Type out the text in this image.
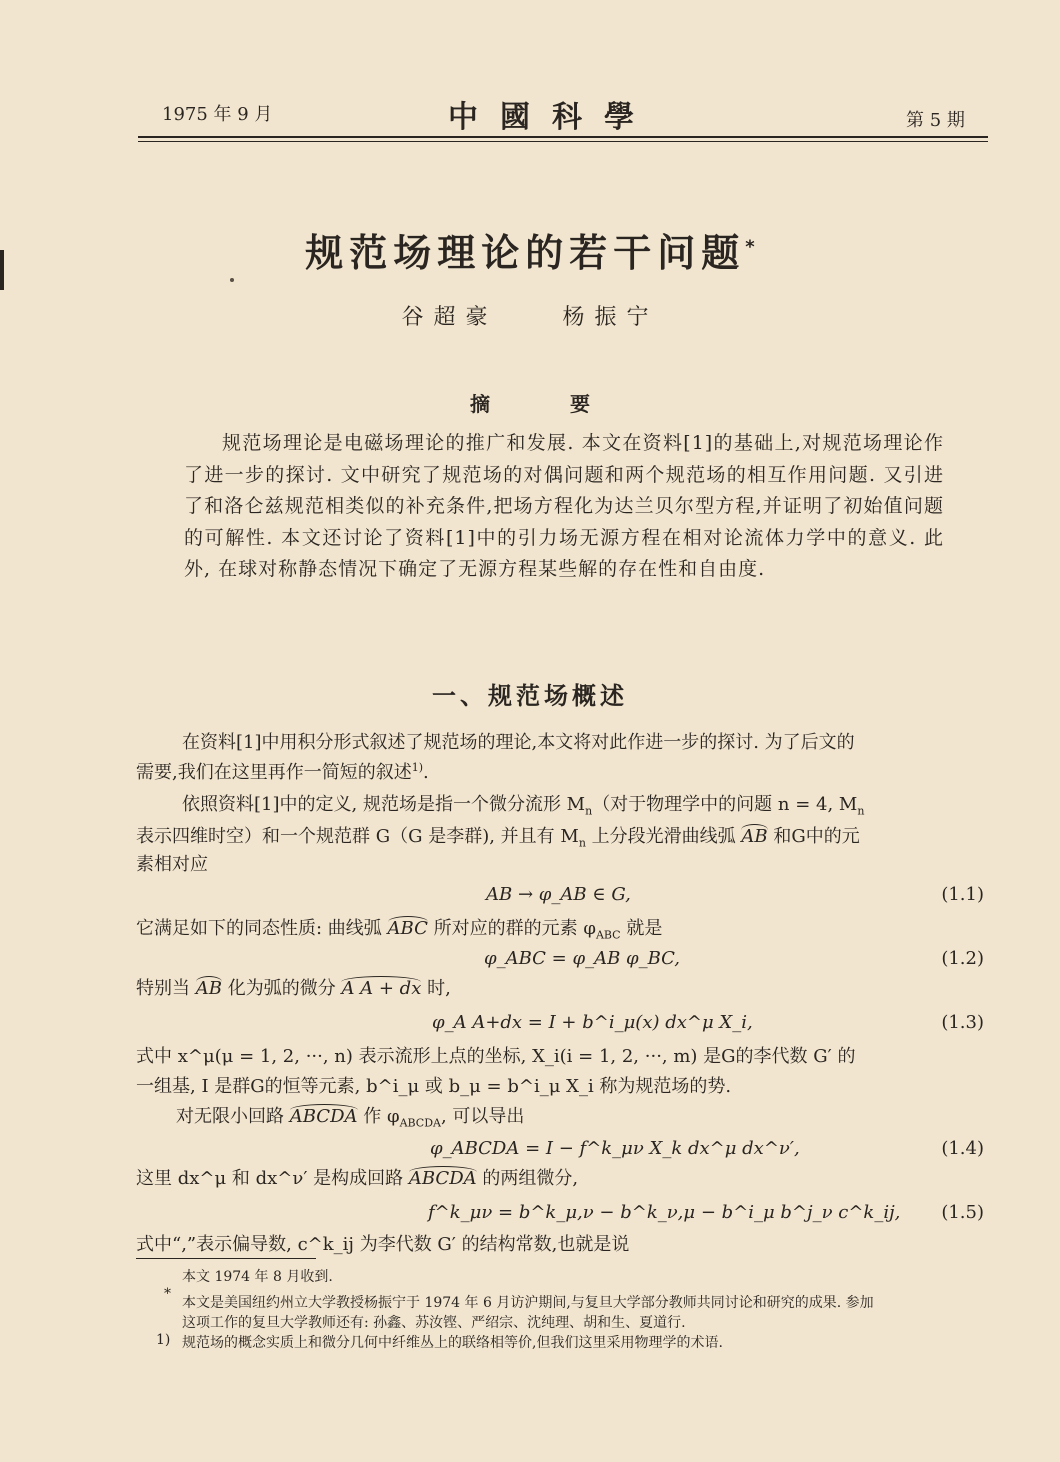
1975 年 9 月	中國科學	第 5 期
规范场理论的若干问题*
谷超豪	杨振宁
摘要
规范场理论是电磁场理论的推广和发展. 本文在资料[1]的基础上,对规范场理论作了进一步的探讨. 文中研究了规范场的对偶问题和两个规范场的相互作用问题. 又引进了和洛仑兹规范相类似的补充条件,把场方程化为达兰贝尔型方程,并证明了初始值问题的可解性. 本文还讨论了资料[1]中的引力场无源方程在相对论流体力学中的意义. 此外, 在球对称静态情况下确定了无源方程某些解的存在性和自由度.
一、规范场概述
在资料[1]中用积分形式叙述了规范场的理论,本文将对此作进一步的探讨. 为了后文的
需要,我们在这里再作一简短的叙述$^{1)}$.
依照资料[1]中的定义, 规范场是指一个微分流形 $M_n$（对于物理学中的问题 n = 4, $M_n$
表示四维时空）和一个规范群 G（G 是李群), 并且有 $M_n$ 上分段光滑曲线弧 AB 和G中的元
素相对应
AB → φ_AB ∈ G,	(1.1)
它满足如下的同态性质: 曲线弧 ABC 所对应的群的元素 $\varphi_{ABC}$ 就是
φ_ABC = φ_AB φ_BC,	(1.2)
特别当 AB 化为弧的微分 A A + dx 时,
φ_A A+dx = I + b^i_μ(x) dx^μ X_i,	(1.3)
式中 x^μ(μ = 1, 2, ···, n) 表示流形上点的坐标, X_i(i = 1, 2, ···, m) 是G的李代数 G′ 的
一组基, I 是群G的恒等元素, b^i_μ 或 b_μ = b^i_μ X_i 称为规范场的势.
对无限小回路 ABCDA 作 $\varphi_{ABCDA}$, 可以导出
φ_ABCDA = I − f^k_μν X_k dx^μ dx^ν′,	(1.4)
这里 dx^μ 和 dx^ν′ 是构成回路 ABCDA 的两组微分,
f^k_μν = b^k_μ,ν − b^k_ν,μ − b^i_μ b^j_ν c^k_ij, (1.5)
式中“,”表示偏导数, c^k_ij 为李代数 G′ 的结构常数,也就是说
本文 1974 年 8 月收到.
*
本文是美国纽约州立大学教授杨振宁于 1974 年 6 月访沪期间,与复旦大学部分教师共同讨论和研究的成果. 参加
这项工作的复旦大学教师还有: 孙鑫、苏汝铿、严绍宗、沈纯理、胡和生、夏道行.
1) 规范场的概念实质上和微分几何中纤维丛上的联络相等价,但我们这里采用物理学的术语.
